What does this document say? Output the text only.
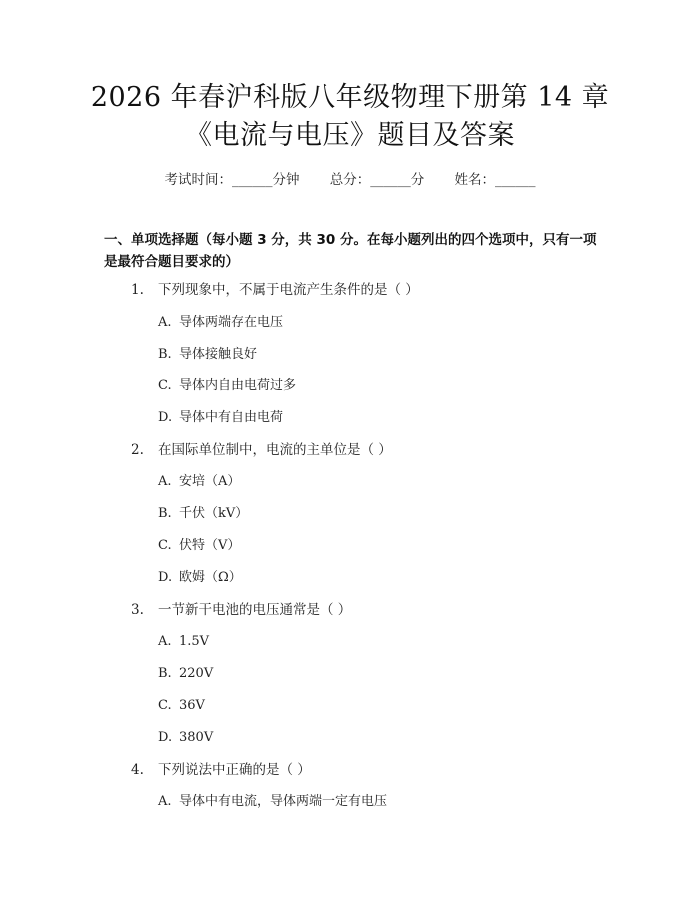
2026 年春沪科版八年级物理下册第 14 章
《电流与电压》题目及答案
考试时间：______分钟 总分：______分 姓名：______
一、单项选择题（每小题 3 分，共 30 分。在每小题列出的四个选项中，只有一项
是最符合题目要求的）
1. 下列现象中，不属于电流产生条件的是（ ）
A. 导体两端存在电压
B. 导体接触良好
C. 导体内自由电荷过多
D. 导体中有自由电荷
2. 在国际单位制中，电流的主单位是（ ）
A. 安培（A）
B. 千伏（kV）
C. 伏特（V）
D. 欧姆（Ω）
3. 一节新干电池的电压通常是（ ）
A. 1.5V
B. 220V
C. 36V
D. 380V
4. 下列说法中正确的是（ ）
A. 导体中有电流，导体两端一定有电压
